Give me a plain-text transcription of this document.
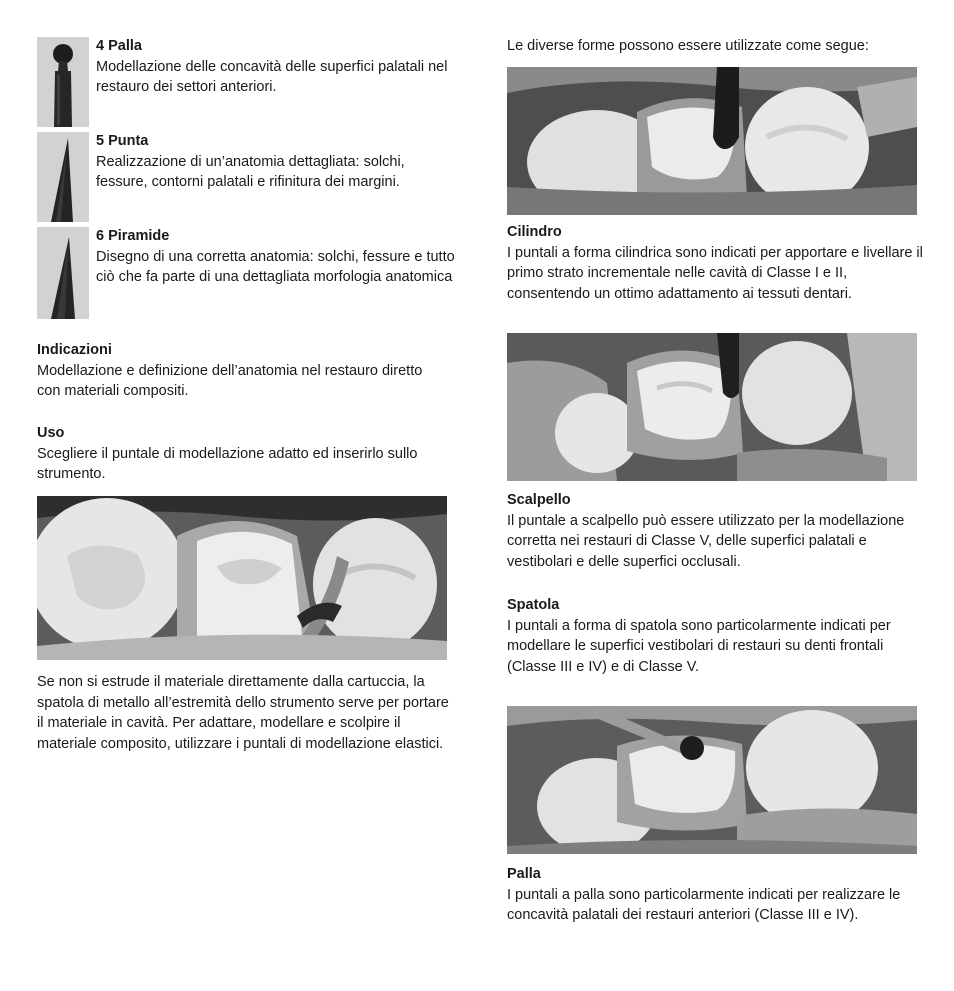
4 Palla
Modellazione delle concavità delle superfici palatali nel restauro dei settori anteriori.
5 Punta
Realizzazione di un’anatomia dettagliata: solchi, fessure, contorni palatali e rifinitura dei margini.
6 Piramide
Disegno di una corretta anatomia: solchi, fessure e tutto ciò che fa parte di una dettagliata morfologia anatomica
Indicazioni
Modellazione e definizione dell’anatomia nel restauro diretto con materiali compositi.
Uso
Scegliere il puntale di modellazione adatto ed inserirlo sullo strumento.
Se non si estrude il materiale direttamente dalla cartuccia, la spatola di metallo all’estremità dello strumento serve per portare il materiale in cavità. Per adattare, modellare e scolpire il materiale composito, utilizzare i puntali di modellazione elastici.
Le diverse forme possono essere utilizzate come segue:
Cilindro
I puntali a forma cilindrica sono indicati per apportare e livellare il primo strato incrementale nelle cavità di Classe I e II, consentendo un ottimo adattamento ai tessuti dentari.
Scalpello
Il puntale a scalpello può essere utilizzato per la modellazione corretta nei restauri di Classe V, delle superfici palatali e vestibolari e delle superfici occlusali.
Spatola
I puntali a forma di spatola sono particolarmente indicati per modellare le superfici vestibolari di restauri su denti frontali (Classe III e IV) e di Classe V.
Palla
I puntali a palla sono particolarmente indicati per realizzare le concavità palatali dei restauri anteriori (Classe III e IV).
